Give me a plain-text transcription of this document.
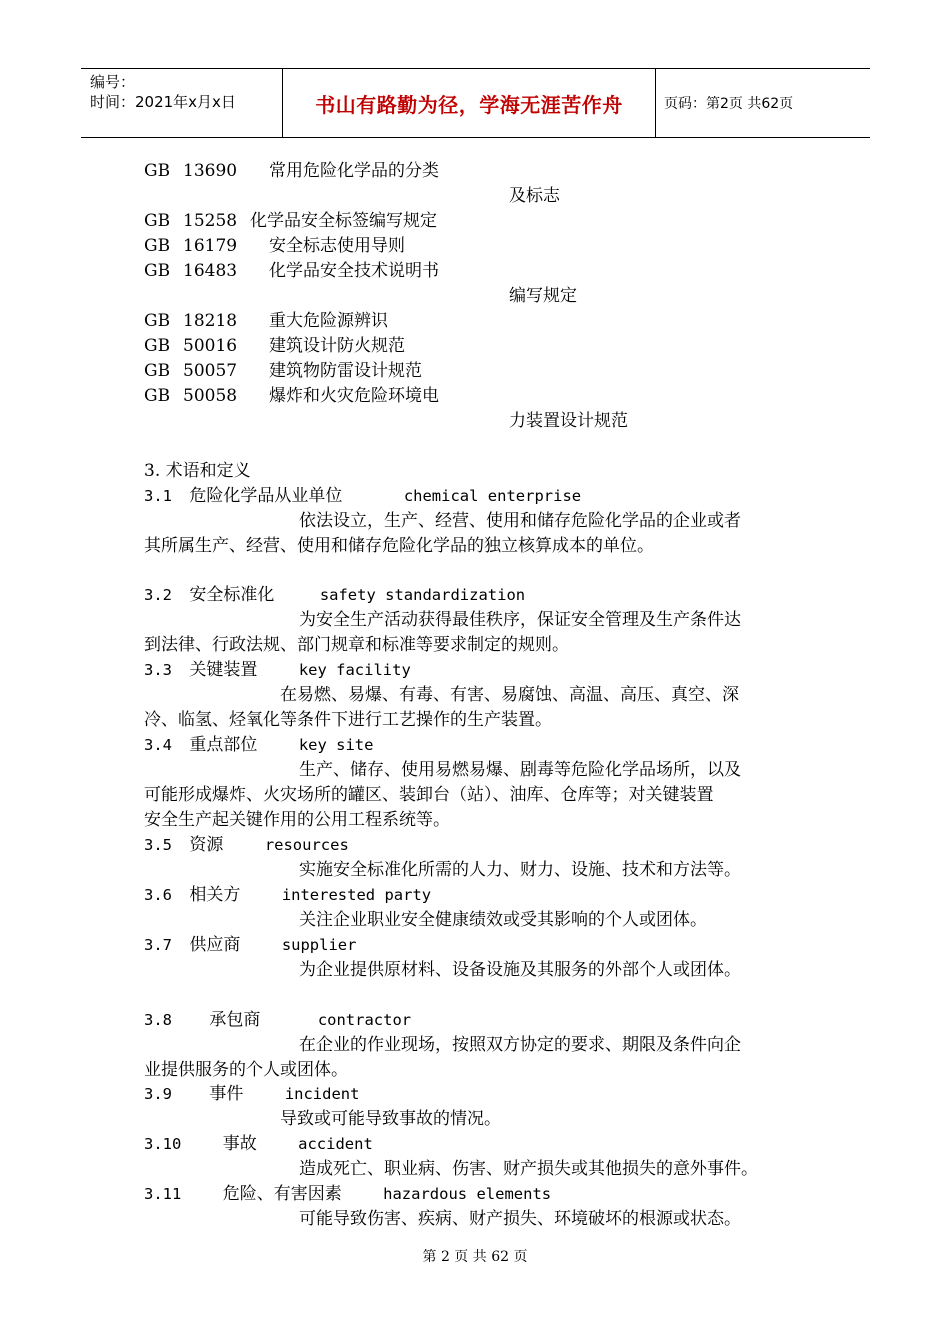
编号：
时间：2021年x月x日	书山有路勤为径，学海无涯苦作舟	页码：第2页 共62页
GB 13690 常用危险化学品的分类
及标志
GB 15258 化学品安全标签编写规定
GB 16179 安全标志使用导则
GB 16483 化学品安全技术说明书
编写规定
GB 18218 重大危险源辨识
GB 50016 建筑设计防火规范
GB 50057 建筑物防雷设计规范
GB 50058 爆炸和火灾危险环境电
力装置设计规范
3. 术语和定义
3.1 危险化学品从业单位	chemical enterprise
依法设立，生产、经营、使用和储存危险化学品的企业或者
其所属生产、经营、使用和储存危险化学品的独立核算成本的单位。
3.2 安全标准化	safety standardization
为安全生产活动获得最佳秩序，保证安全管理及生产条件达
到法律、行政法规、部门规章和标准等要求制定的规则。
3.3 关键装置	key facility
在易燃、易爆、有毒、有害、易腐蚀、高温、高压、真空、深
冷、临氢、烃氧化等条件下进行工艺操作的生产装置。
3.4 重点部位	key site
生产、储存、使用易燃易爆、剧毒等危险化学品场所，以及
可能形成爆炸、火灾场所的罐区、装卸台（站）、油库、仓库等；对关键装置
安全生产起关键作用的公用工程系统等。
3.5 资源	resources
实施安全标准化所需的人力、财力、设施、技术和方法等。
3.6 相关方	interested party
关注企业职业安全健康绩效或受其影响的个人或团体。
3.7 供应商	supplier
为企业提供原材料、设备设施及其服务的外部个人或团体。
3.8 承包商	contractor
在企业的作业现场，按照双方协定的要求、期限及条件向企
业提供服务的个人或团体。
3.9 事件	incident
导致或可能导致事故的情况。
3.10 事故	accident
造成死亡、职业病、伤害、财产损失或其他损失的意外事件。
3.11 危险、有害因素	hazardous elements
可能导致伤害、疾病、财产损失、环境破坏的根源或状态。
第 2 页 共 62 页
